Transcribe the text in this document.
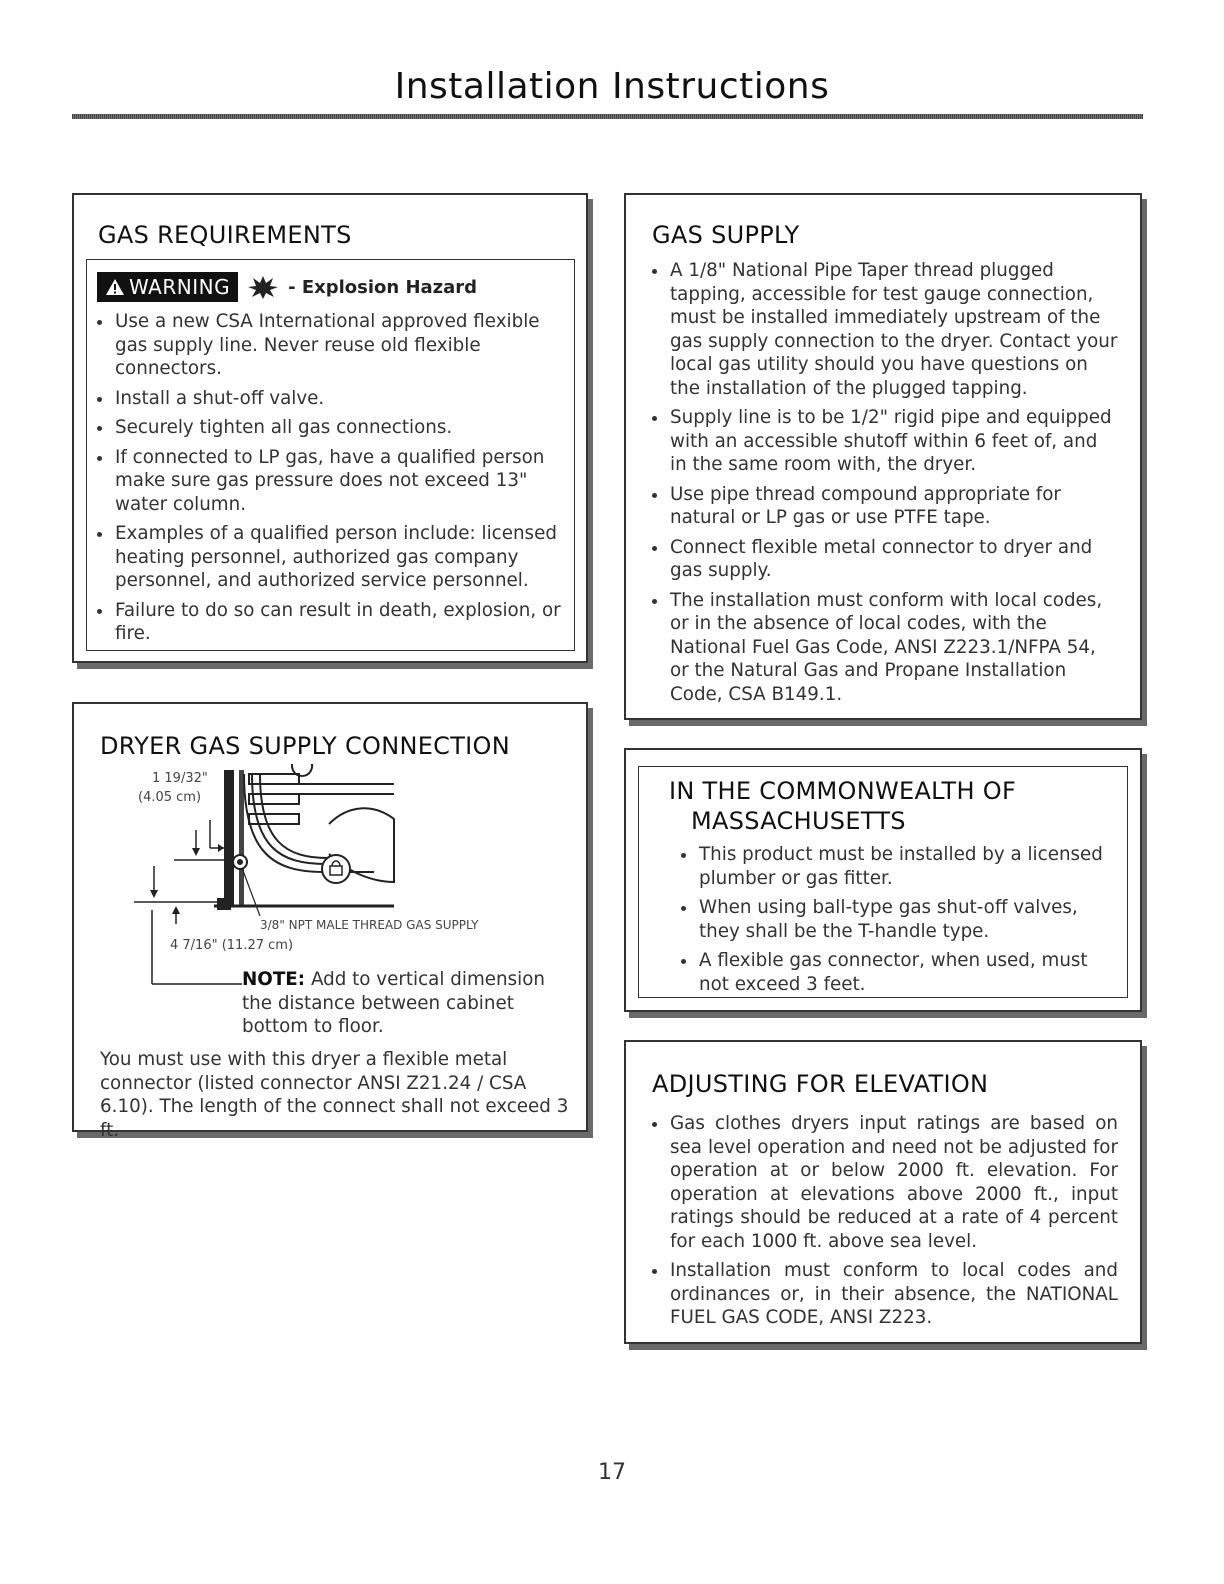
Installation Instructions
GAS REQUIREMENTS
WARNING	- Explosion Hazard
Use a new CSA International approved flexible gas supply line. Never reuse old flexible connectors.
Install a shut-off valve.
Securely tighten all gas connections.
If connected to LP gas, have a qualified person make sure gas pressure does not exceed 13" water column.
Examples of a qualified person include: licensed heating personnel, authorized gas company personnel, and authorized service personnel.
Failure to do so can result in death, explosion, or fire.
DRYER GAS SUPPLY CONNECTION
1 19/32"
(4.05 cm)
3/8" NPT MALE THREAD GAS SUPPLY
4 7/16" (11.27 cm)

NOTE: Add to vertical dimension the distance between cabinet bottom to floor.

You must use with this dryer a flexible metal connector (listed connector ANSI Z21.24 / CSA 6.10). The length of the connect shall not exceed 3 ft.

GAS SUPPLY
A 1/8" National Pipe Taper thread plugged tapping, accessible for test gauge connection, must be installed immediately upstream of the gas supply connection to the dryer. Contact your local gas utility should you have questions on the installation of the plugged tapping.
Supply line is to be 1/2" rigid pipe and equipped with an accessible shutoff within 6 feet of, and in the same room with, the dryer.
Use pipe thread compound appropriate for natural or LP gas or use PTFE tape.
Connect flexible metal connector to dryer and gas supply.
The installation must conform with local codes, or in the absence of local codes, with the National Fuel Gas Code, ANSI Z223.1/NFPA 54, or the Natural Gas and Propane Installation Code, CSA B149.1.
IN THE COMMONWEALTH OF
MASSACHUSETTS
This product must be installed by a licensed plumber or gas fitter.
When using ball-type gas shut-off valves, they shall be the T-handle type.
A flexible gas connector, when used, must not exceed 3 feet.
ADJUSTING FOR ELEVATION
Gas clothes dryers input ratings are based on sea level operation and need not be adjusted for operation at or below 2000 ft. elevation. For operation at elevations above 2000 ft., input ratings should be reduced at a rate of 4 percent for each 1000 ft. above sea level.
Installation must conform to local codes and ordinances or, in their absence, the NATIONAL FUEL GAS CODE, ANSI Z223.
17
